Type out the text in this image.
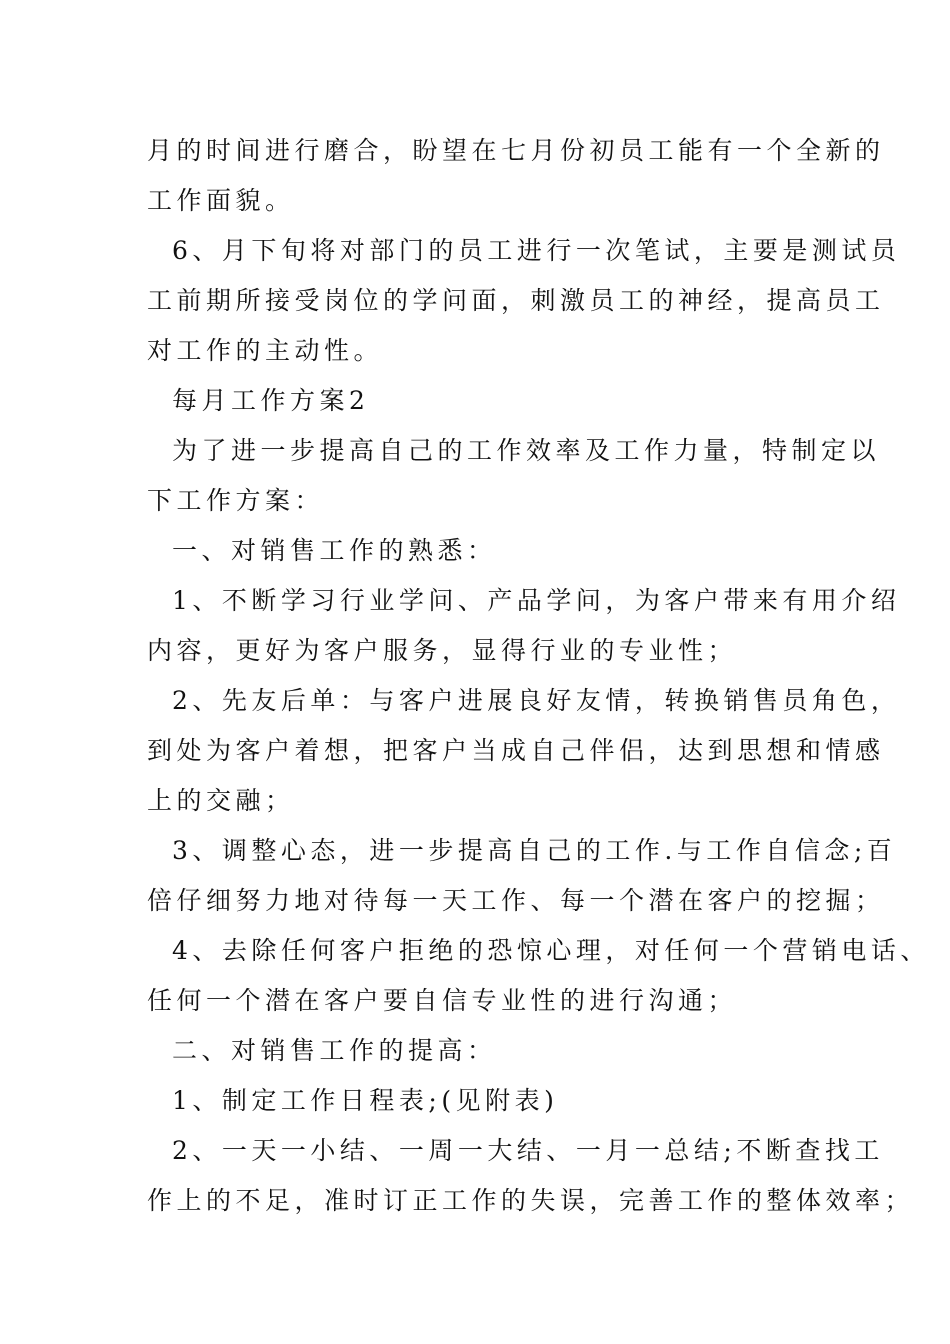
月的时间进行磨合，盼望在七月份初员工能有一个全新的
工作面貌。
6、月下旬将对部门的员工进行一次笔试，主要是测试员
工前期所接受岗位的学问面，刺激员工的神经，提高员工
对工作的主动性。
每月工作方案2
为了进一步提高自己的工作效率及工作力量，特制定以
下工作方案：
一、对销售工作的熟悉：
1、不断学习行业学问、产品学问，为客户带来有用介绍
内容，更好为客户服务，显得行业的专业性；
2、先友后单：与客户进展良好友情，转换销售员角色，
到处为客户着想，把客户当成自己伴侣，达到思想和情感
上的交融；
3、调整心态，进一步提高自己的工作.与工作自信念;百
倍仔细努力地对待每一天工作、每一个潜在客户的挖掘；
4、去除任何客户拒绝的恐惊心理，对任何一个营销电话、
任何一个潜在客户要自信专业性的进行沟通；
二、对销售工作的提高：
1、制定工作日程表;(见附表)
2、一天一小结、一周一大结、一月一总结;不断查找工
作上的不足，准时订正工作的失误，完善工作的整体效率；
